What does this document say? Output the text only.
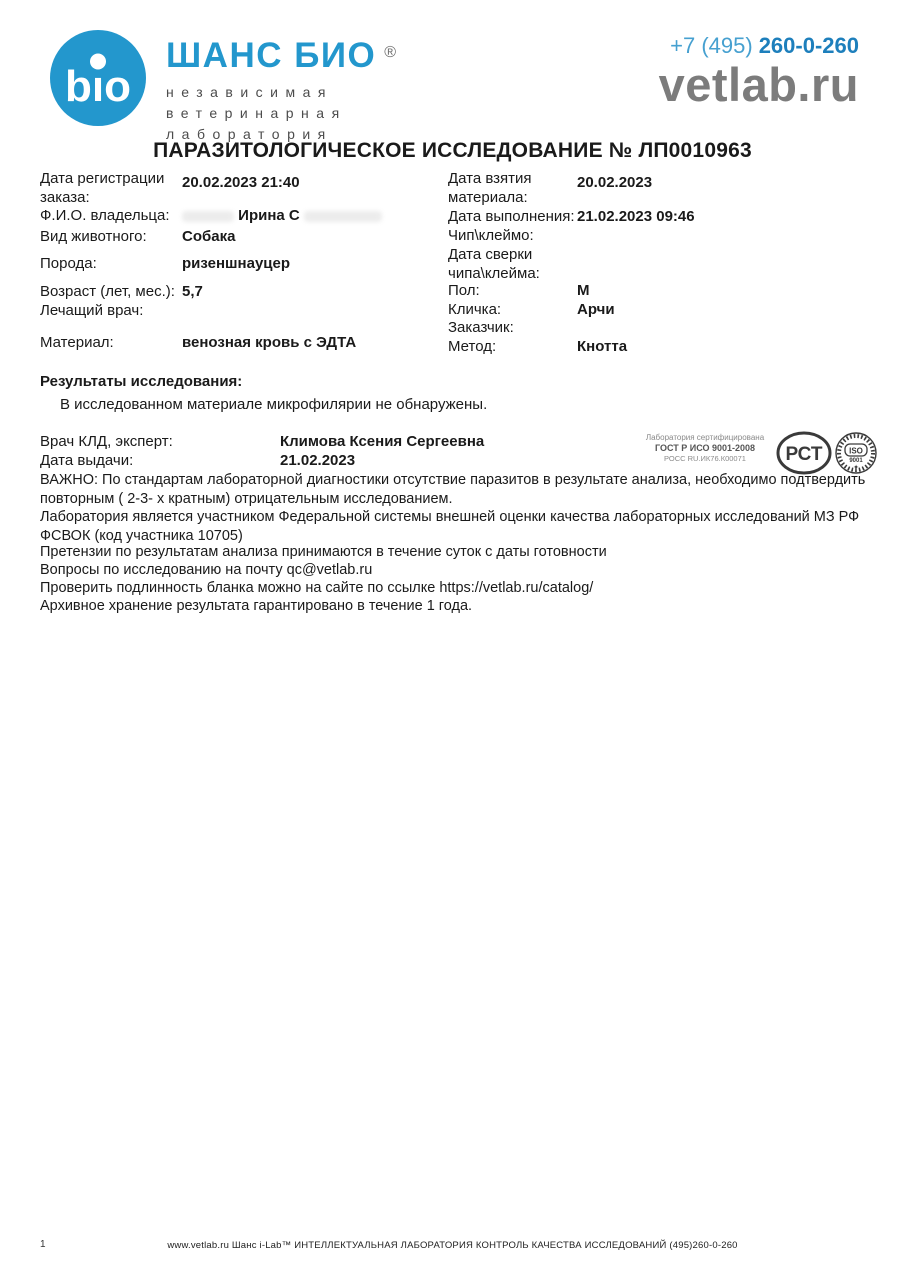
bıo
ШАНС БИО ®
независимая
ветеринарная
лаборатория
+7 (495) 260-0-260
vetlab.ru
ПАРАЗИТОЛОГИЧЕСКОЕ ИССЛЕДОВАНИЕ № ЛП0010963
Дата регистрации заказа:
20.02.2023 21:40
Ф.И.О. владельца:	Ирина С
Вид животного:	Собака
Порода:	ризеншнауцер
Возраст (лет, мес.): 5,7
Лечащий врач:
Материал:	венозная кровь с ЭДТА
Дата взятия материала:
20.02.2023
Дата выполнения: 21.02.2023 09:46
Чип\клеймо:
Дата сверки чипа\клейма:
Пол:	М
Кличка:	Арчи
Заказчик:
Метод:	Кнотта
Результаты исследования:
В исследованном материале микрофилярии не обнаружены.
Врач КЛД, эксперт:	Климова Ксения Сергеевна
Дата выдачи:	21.02.2023
Лаборатория сертифицирована
ГОСТ Р ИСО 9001-2008
РОСС RU.ИК76.К00071	РСТ	ISO
9001
✦
ВАЖНО: По стандартам лабораторной диагностики отсутствие паразитов в результате анализа, необходимо подтвердить повторным ( 2-3- х кратным) отрицательным исследованием.
Лаборатория является участником Федеральной системы внешней оценки качества лабораторных исследований МЗ РФ ФСВОК (код участника 10705)
Претензии по результатам анализа принимаются в течение суток с даты готовности
Вопросы по исследованию на почту qc@vetlab.ru
Проверить подлинность бланка можно на сайте по ссылке https://vetlab.ru/catalog/
Архивное хранение результата гарантировано в течение 1 года.
1	www.vetlab.ru Шанс i-Lab™ ИНТЕЛЛЕКТУАЛЬНАЯ ЛАБОРАТОРИЯ КОНТРОЛЬ КАЧЕСТВА ИССЛЕДОВАНИЙ (495)260-0-260
